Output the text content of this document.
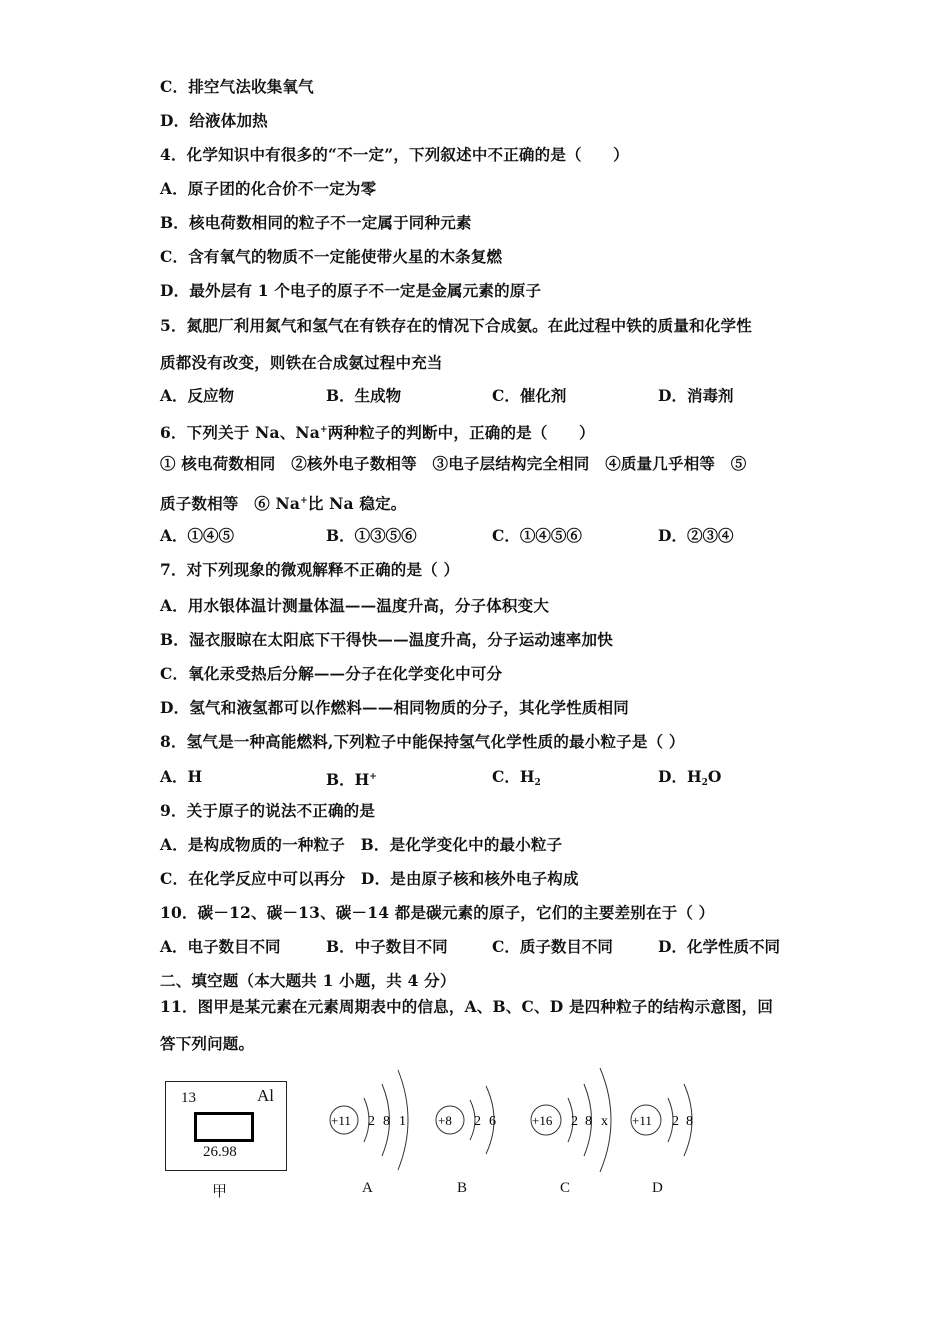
C．排空气法收集氧气
D．给液体加热
4．化学知识中有很多的“不一定”，下列叙述中不正确的是（　　）
A．原子团的化合价不一定为零
B．核电荷数相同的粒子不一定属于同种元素
C．含有氧气的物质不一定能使带火星的木条复燃
D．最外层有 1 个电子的原子不一定是金属元素的原子
5．氮肥厂利用氮气和氢气在有铁存在的情况下合成氨。在此过程中铁的质量和化学性
质都没有改变，则铁在合成氨过程中充当
A．反应物	B．生成物	C．催化剂	D．消毒剂
6．下列关于 Na、Na+两种粒子的判断中，正确的是（　　）
① 核电荷数相同　②核外电子数相等　③电子层结构完全相同　④质量几乎相等　⑤
质子数相等　⑥ Na+比 Na 稳定。
A．①④⑤	B．①③⑤⑥	C．①④⑤⑥	D．②③④
7．对下列现象的微观解释不正确的是（ ）
A．用水银体温计测量体温——温度升高，分子体积变大
B．湿衣服晾在太阳底下干得快——温度升高，分子运动速率加快
C．氧化汞受热后分解——分子在化学变化中可分
D．氢气和液氢都可以作燃料——相同物质的分子，其化学性质相同
8．氢气是一种高能燃料,下列粒子中能保持氢气化学性质的最小粒子是（ ）
A．H	B．H+	C．$H_2$	D．$H_2O$
9．关于原子的说法不正确的是
A．是构成物质的一种粒子　B．是化学变化中的最小粒子
C．在化学反应中可以再分　D．是由原子核和核外电子构成
10．碳－12、碳－13、碳－14 都是碳元素的原子，它们的主要差别在于（ ）
A．电子数目不同	B．中子数目不同	C．质子数目不同	D．化学性质不同
二、填空题（本大题共 1 小题，共 4 分）
11．图甲是某元素在元素周期表中的信息，A、B、C、D 是四种粒子的结构示意图，回
答下列问题。
13	Al
26.98
甲
+11 2 8 1
A
+8 2 6
B
+16 2 8 x
C
+11 2 8
D
